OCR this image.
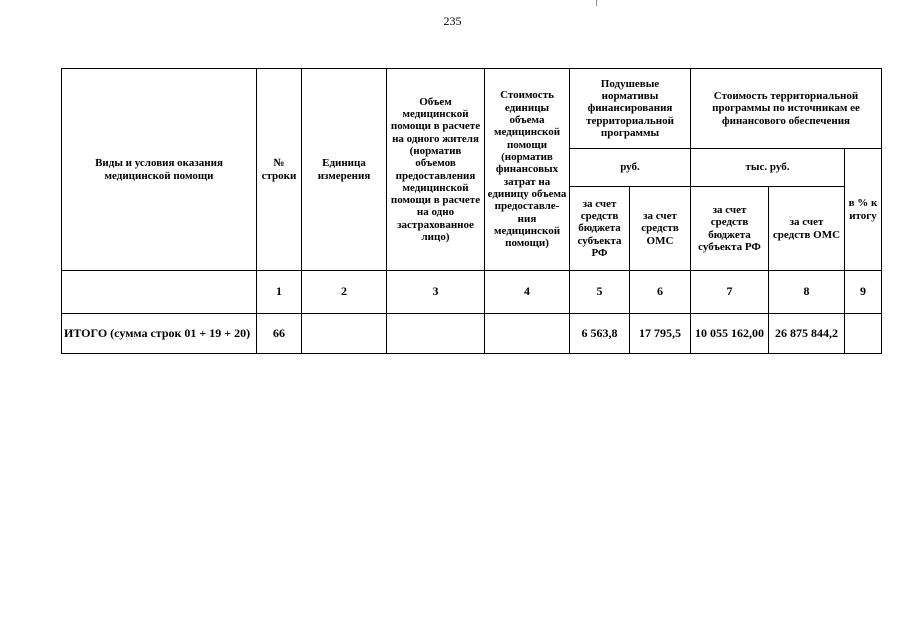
235
Виды и условия оказания медицинской помощи	№ строки	Единица измерения	Объем медицинской помощи в расчете на одного жителя (норматив объемов предоставления медицинской помощи в расчете на одно застрахованное лицо)	Стоимость единицы объема медицинской помощи (норматив финансовых затрат на единицу объема предоставле-ния медицинской помощи)	Подушевые нормативы финансирования территориальной программы		Стоимость территориальной программы по источникам ее финансового обеспечения		
					руб.		тыс. руб.		в % к итогу
					за счет средств бюджета субъекта РФ	за счет средств ОМС	за счет средств бюджета субъекта РФ	за счет средств ОМС	
	1	2	3	4	5	6	7	8	9
ИТОГО (сумма строк 01 + 19 + 20)	66				6 563,8	17 795,5	10 055 162,00	26 875 844,2	
